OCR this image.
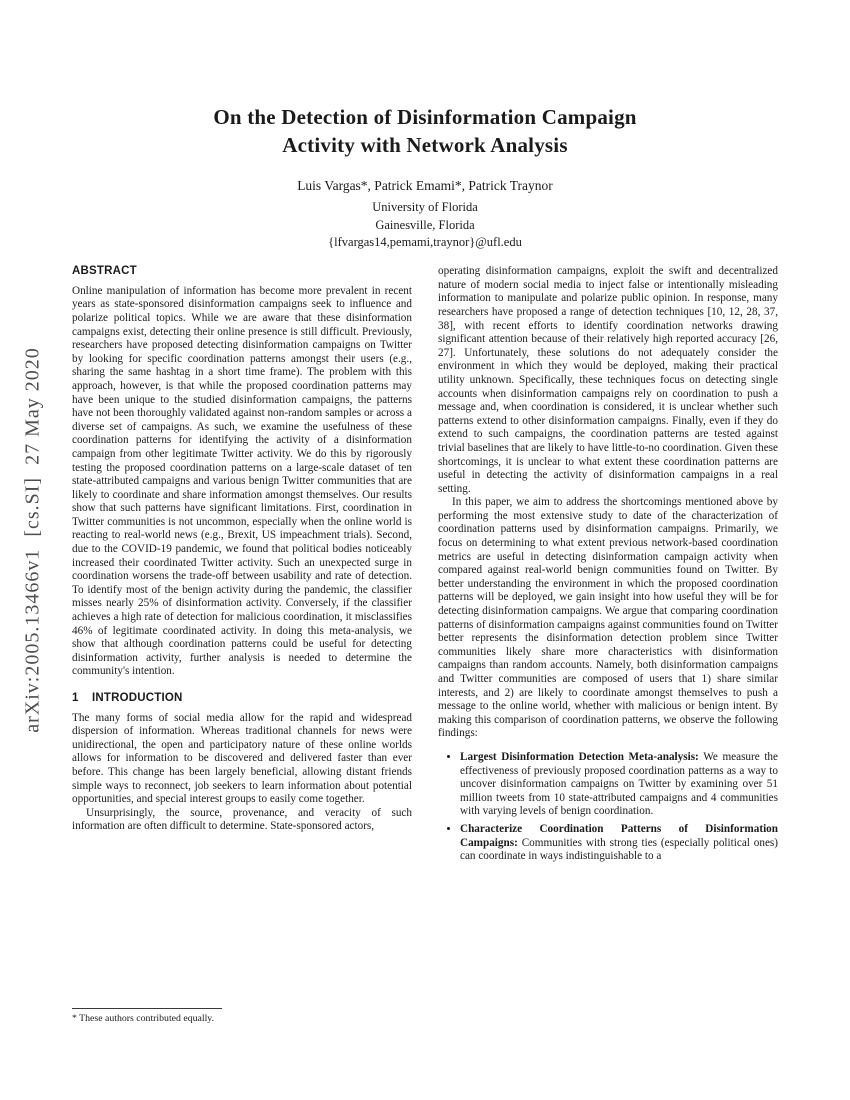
arXiv:2005.13466v1  [cs.SI]  27 May 2020
On the Detection of Disinformation Campaign
Activity with Network Analysis
Luis Vargas*, Patrick Emami*, Patrick Traynor
University of Florida
Gainesville, Florida
{lfvargas14,pemami,traynor}@ufl.edu
ABSTRACT

Online manipulation of information has become more prevalent in recent years as state-sponsored disinformation campaigns seek to influence and polarize political topics. While we are aware that these disinformation campaigns exist, detecting their online presence is still difficult. Previously, researchers have proposed detecting disinformation campaigns on Twitter by looking for specific coordination patterns amongst their users (e.g., sharing the same hashtag in a short time frame). The problem with this approach, however, is that while the proposed coordination patterns may have been unique to the studied disinformation campaigns, the patterns have not been thoroughly validated against non-random samples or across a diverse set of campaigns. As such, we examine the usefulness of these coordination patterns for identifying the activity of a disinformation campaign from other legitimate Twitter activity. We do this by rigorously testing the proposed coordination patterns on a large-scale dataset of ten state-attributed campaigns and various benign Twitter communities that are likely to coordinate and share information amongst themselves. Our results show that such patterns have significant limitations. First, coordination in Twitter communities is not uncommon, especially when the online world is reacting to real-world news (e.g., Brexit, US impeachment trials). Second, due to the COVID-19 pandemic, we found that political bodies noticeably increased their coordinated Twitter activity. Such an unexpected surge in coordination worsens the trade-off between usability and rate of detection. To identify most of the benign activity during the pandemic, the classifier misses nearly 25% of disinformation activity. Conversely, if the classifier achieves a high rate of detection for malicious coordination, it misclassifies 46% of legitimate coordinated activity. In doing this meta-analysis, we show that although coordination patterns could be useful for detecting disinformation activity, further analysis is needed to determine the community's intention.

1 INTRODUCTION

The many forms of social media allow for the rapid and widespread dispersion of information. Whereas traditional channels for news were unidirectional, the open and participatory nature of these online worlds allows for information to be discovered and delivered faster than ever before. This change has been largely beneficial, allowing distant friends simple ways to reconnect, job seekers to learn information about potential opportunities, and special interest groups to easily come together.

Unsurprisingly, the source, provenance, and veracity of such information are often difficult to determine. State-sponsored actors,

* These authors contributed equally.

operating disinformation campaigns, exploit the swift and decentralized nature of modern social media to inject false or intentionally misleading information to manipulate and polarize public opinion. In response, many researchers have proposed a range of detection techniques [10, 12, 28, 37, 38], with recent efforts to identify coordination networks drawing significant attention because of their relatively high reported accuracy [26, 27]. Unfortunately, these solutions do not adequately consider the environment in which they would be deployed, making their practical utility unknown. Specifically, these techniques focus on detecting single accounts when disinformation campaigns rely on coordination to push a message and, when coordination is considered, it is unclear whether such patterns extend to other disinformation campaigns. Finally, even if they do extend to such campaigns, the coordination patterns are tested against trivial baselines that are likely to have little-to-no coordination. Given these shortcomings, it is unclear to what extent these coordination patterns are useful in detecting the activity of disinformation campaigns in a real setting.

In this paper, we aim to address the shortcomings mentioned above by performing the most extensive study to date of the characterization of coordination patterns used by disinformation campaigns. Primarily, we focus on determining to what extent previous network-based coordination metrics are useful in detecting disinformation campaign activity when compared against real-world benign communities found on Twitter. By better understanding the environment in which the proposed coordination patterns will be deployed, we gain insight into how useful they will be for detecting disinformation campaigns. We argue that comparing coordination patterns of disinformation campaigns against communities found on Twitter better represents the disinformation detection problem since Twitter communities likely share more characteristics with disinformation campaigns than random accounts. Namely, both disinformation campaigns and Twitter communities are composed of users that 1) share similar interests, and 2) are likely to coordinate amongst themselves to push a message to the online world, whether with malicious or benign intent. By making this comparison of coordination patterns, we observe the following findings:

• Largest Disinformation Detection Meta-analysis: We measure the effectiveness of previously proposed coordination patterns as a way to uncover disinformation campaigns on Twitter by examining over 51 million tweets from 10 state-attributed campaigns and 4 communities with varying levels of benign coordination.
• Characterize Coordination Patterns of Disinformation Campaigns: Communities with strong ties (especially political ones) can coordinate in ways indistinguishable to a
